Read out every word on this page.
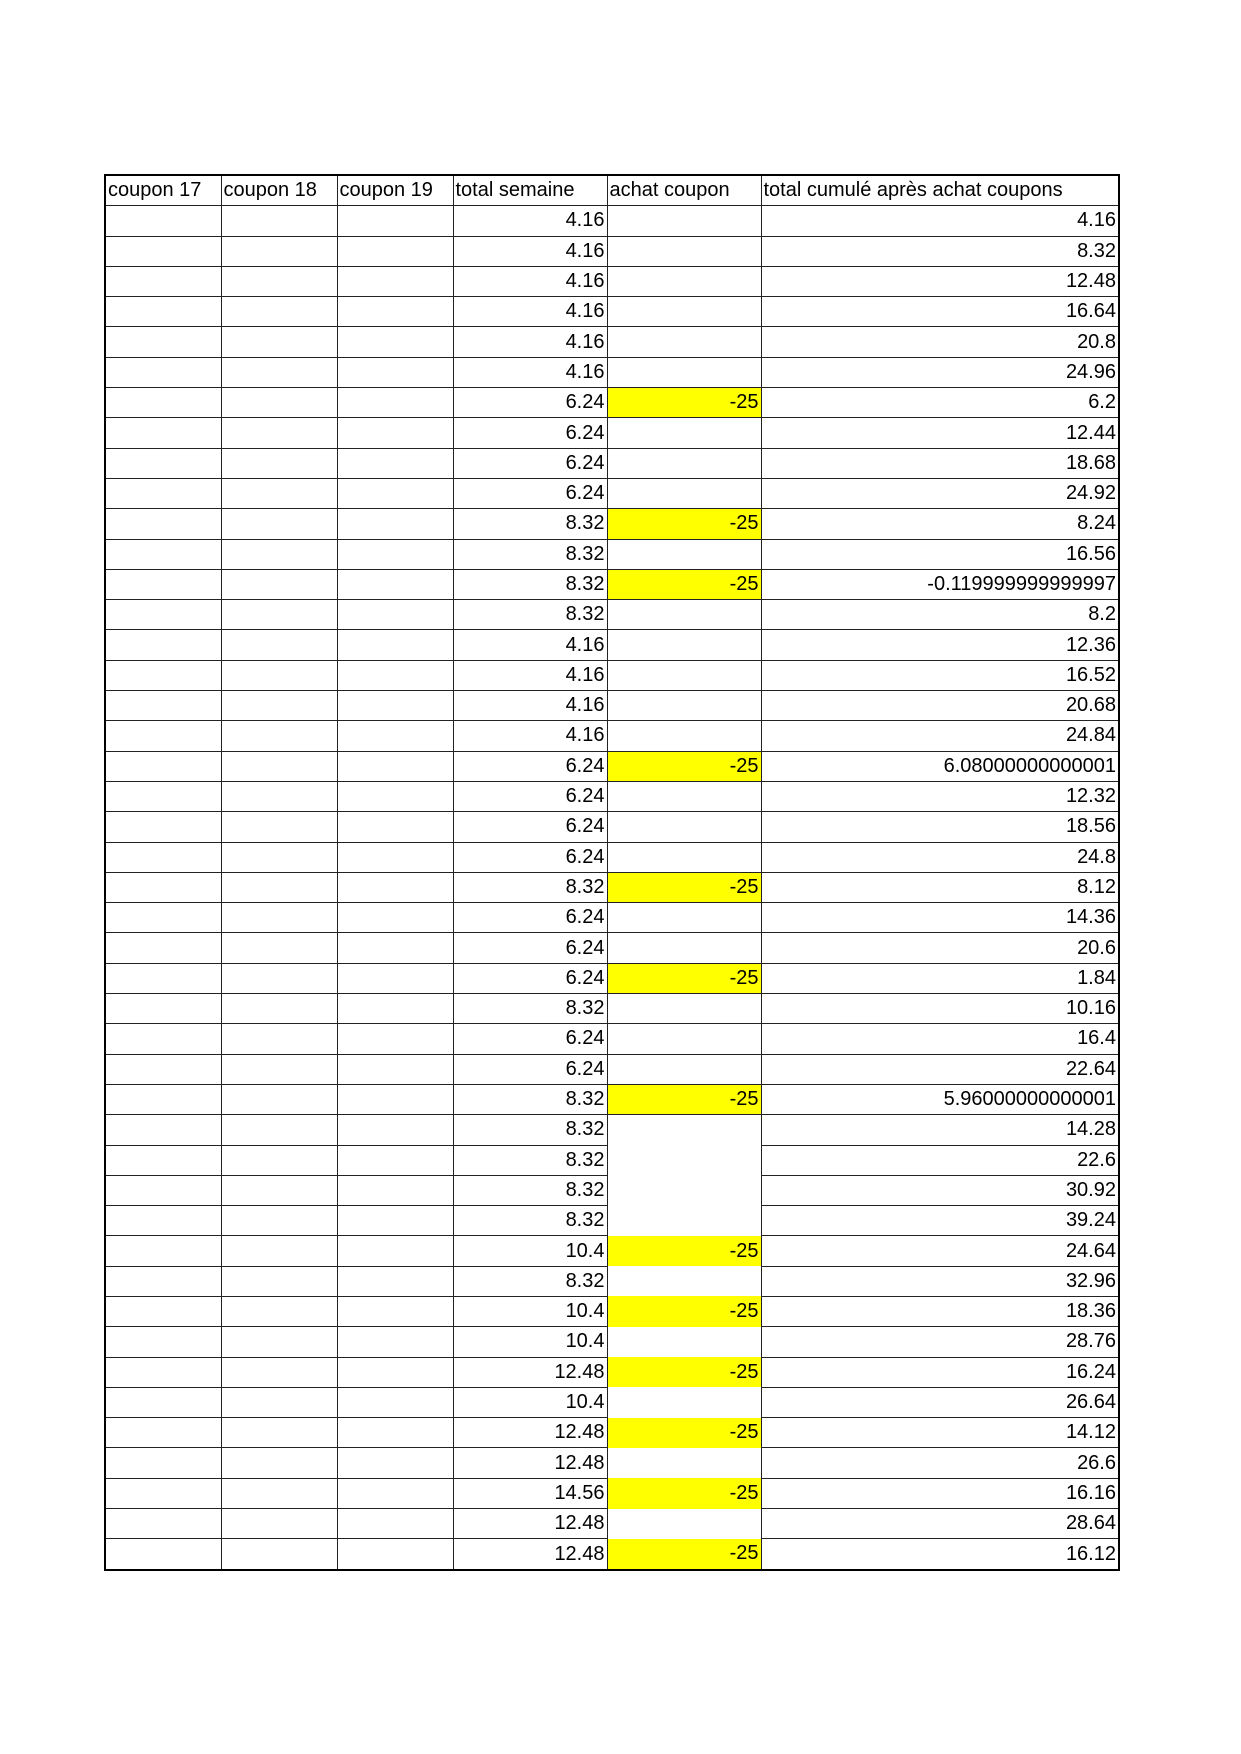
coupon 17	coupon 18	coupon 19	total semaine	achat coupon	total cumulé après achat coupons
			4.16		4.16
			4.16		8.32
			4.16		12.48
			4.16		16.64
			4.16		20.8
			4.16		24.96
			6.24	-25	6.2
			6.24		12.44
			6.24		18.68
			6.24		24.92
			8.32	-25	8.24
			8.32		16.56
			8.32	-25	-0.119999999999997
			8.32		8.2
			4.16		12.36
			4.16		16.52
			4.16		20.68
			4.16		24.84
			6.24	-25	6.08000000000001
			6.24		12.32
			6.24		18.56
			6.24		24.8
			8.32	-25	8.12
			6.24		14.36
			6.24		20.6
			6.24	-25	1.84
			8.32		10.16
			6.24		16.4
			6.24		22.64
			8.32	-25	5.96000000000001
			8.32		14.28
			8.32		22.6
			8.32		30.92
			8.32		39.24
			10.4	-25	24.64
			8.32		32.96
			10.4	-25	18.36
			10.4		28.76
			12.48	-25	16.24
			10.4		26.64
			12.48	-25	14.12
			12.48		26.6
			14.56	-25	16.16
			12.48		28.64
			12.48	-25	16.12
